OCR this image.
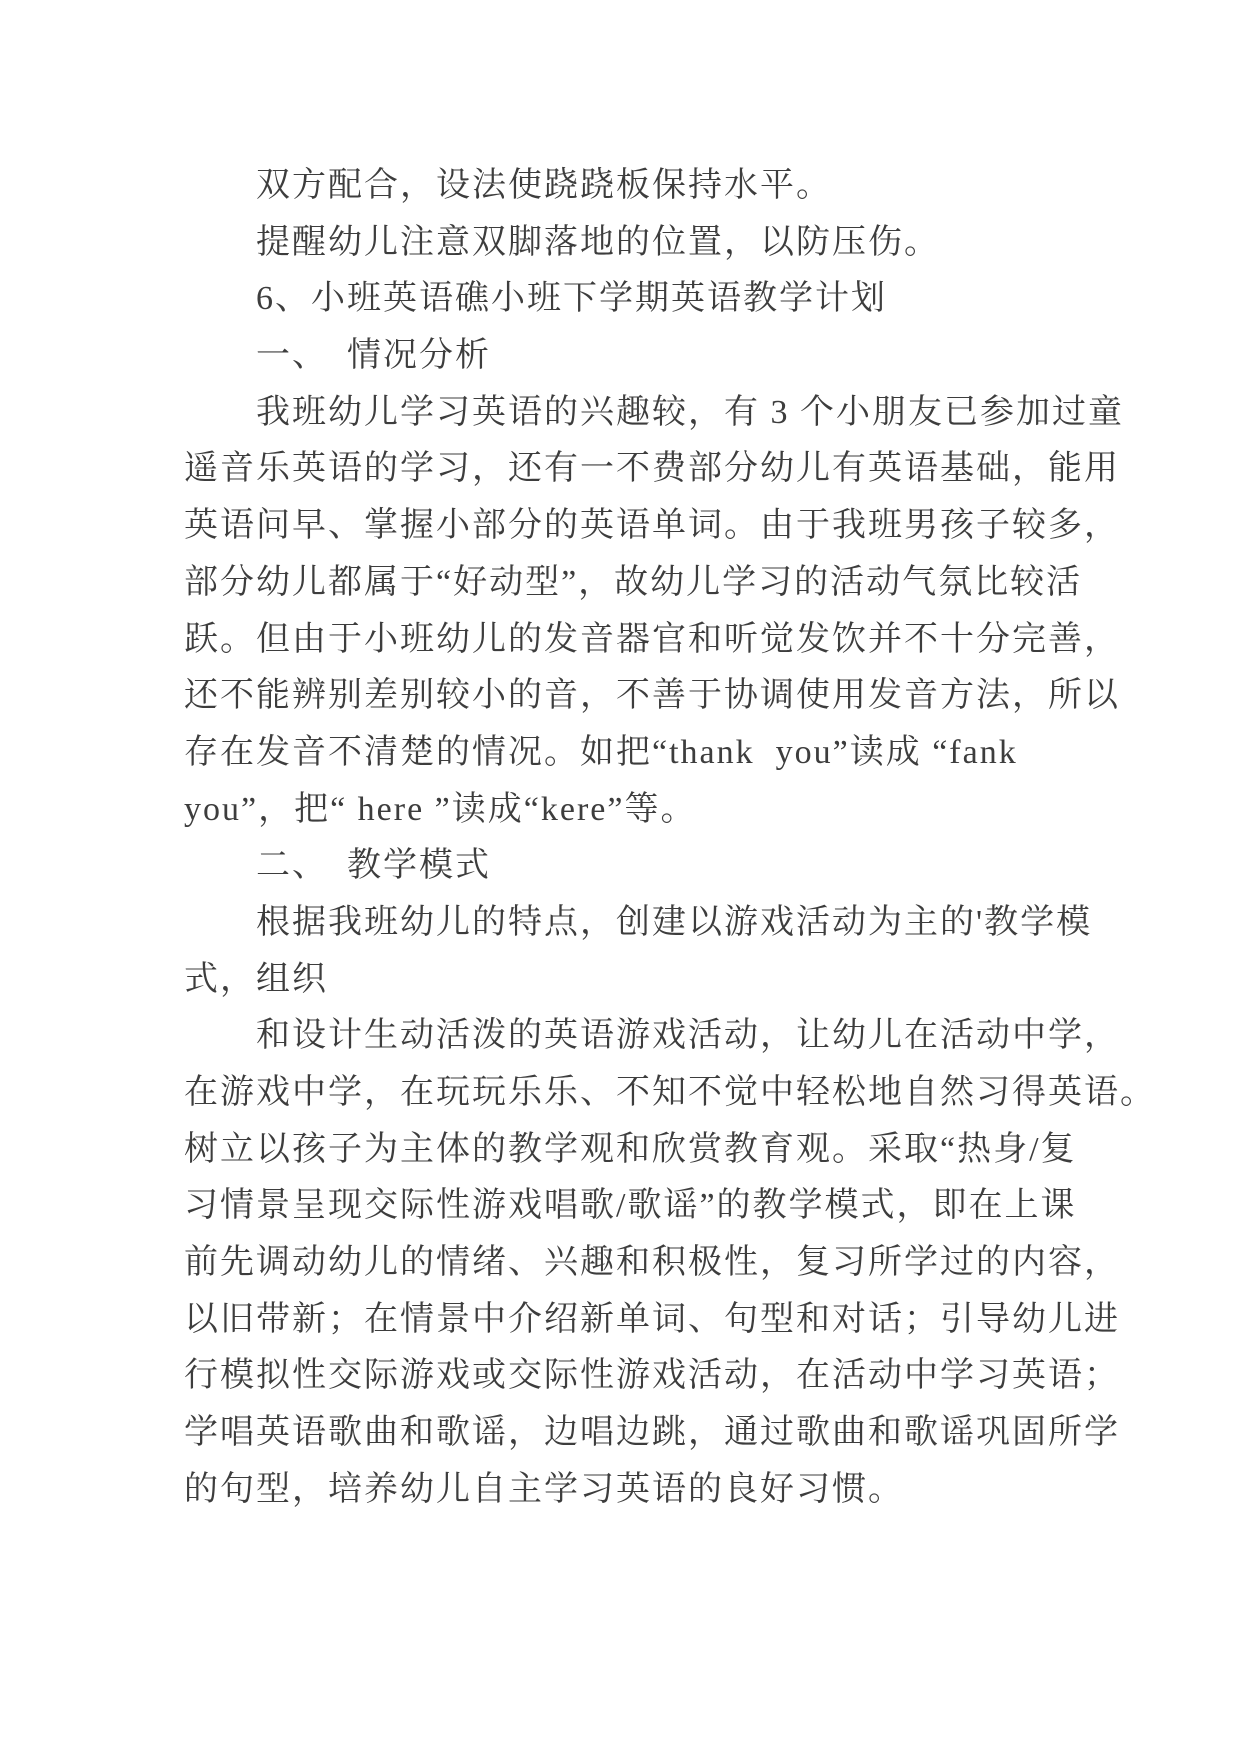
双方配合，设法使跷跷板保持水平。
提醒幼儿注意双脚落地的位置，以防压伤。
6、小班英语礁小班下学期英语教学计划
一、　情况分析
我班幼儿学习英语的兴趣较，有 3 个小朋友已参加过童
遥音乐英语的学习，还有一不费部分幼儿有英语基础，能用
英语问早、掌握小部分的英语单词。由于我班男孩子较多，
部分幼儿都属于“好动型”，故幼儿学习的活动气氛比较活
跃。但由于小班幼儿的发音器官和听觉发饮并不十分完善，
还不能辨别差别较小的音，不善于协调使用发音方法，所以
存在发音不清楚的情况。如把“thank  you”读成 “fank
you”，把“ here ”读成“kere”等。
二、　教学模式
根据我班幼儿的特点，创建以游戏活动为主的'教学模
式，组织
和设计生动活泼的英语游戏活动，让幼儿在活动中学，
在游戏中学，在玩玩乐乐、不知不觉中轻松地自然习得英语。
树立以孩子为主体的教学观和欣赏教育观。采取“热身/复
习情景呈现交际性游戏唱歌/歌谣”的教学模式，即在上课
前先调动幼儿的情绪、兴趣和积极性，复习所学过的内容，
以旧带新；在情景中介绍新单词、句型和对话；引导幼儿进
行模拟性交际游戏或交际性游戏活动，在活动中学习英语；
学唱英语歌曲和歌谣，边唱边跳，通过歌曲和歌谣巩固所学
的句型，培养幼儿自主学习英语的良好习惯。
